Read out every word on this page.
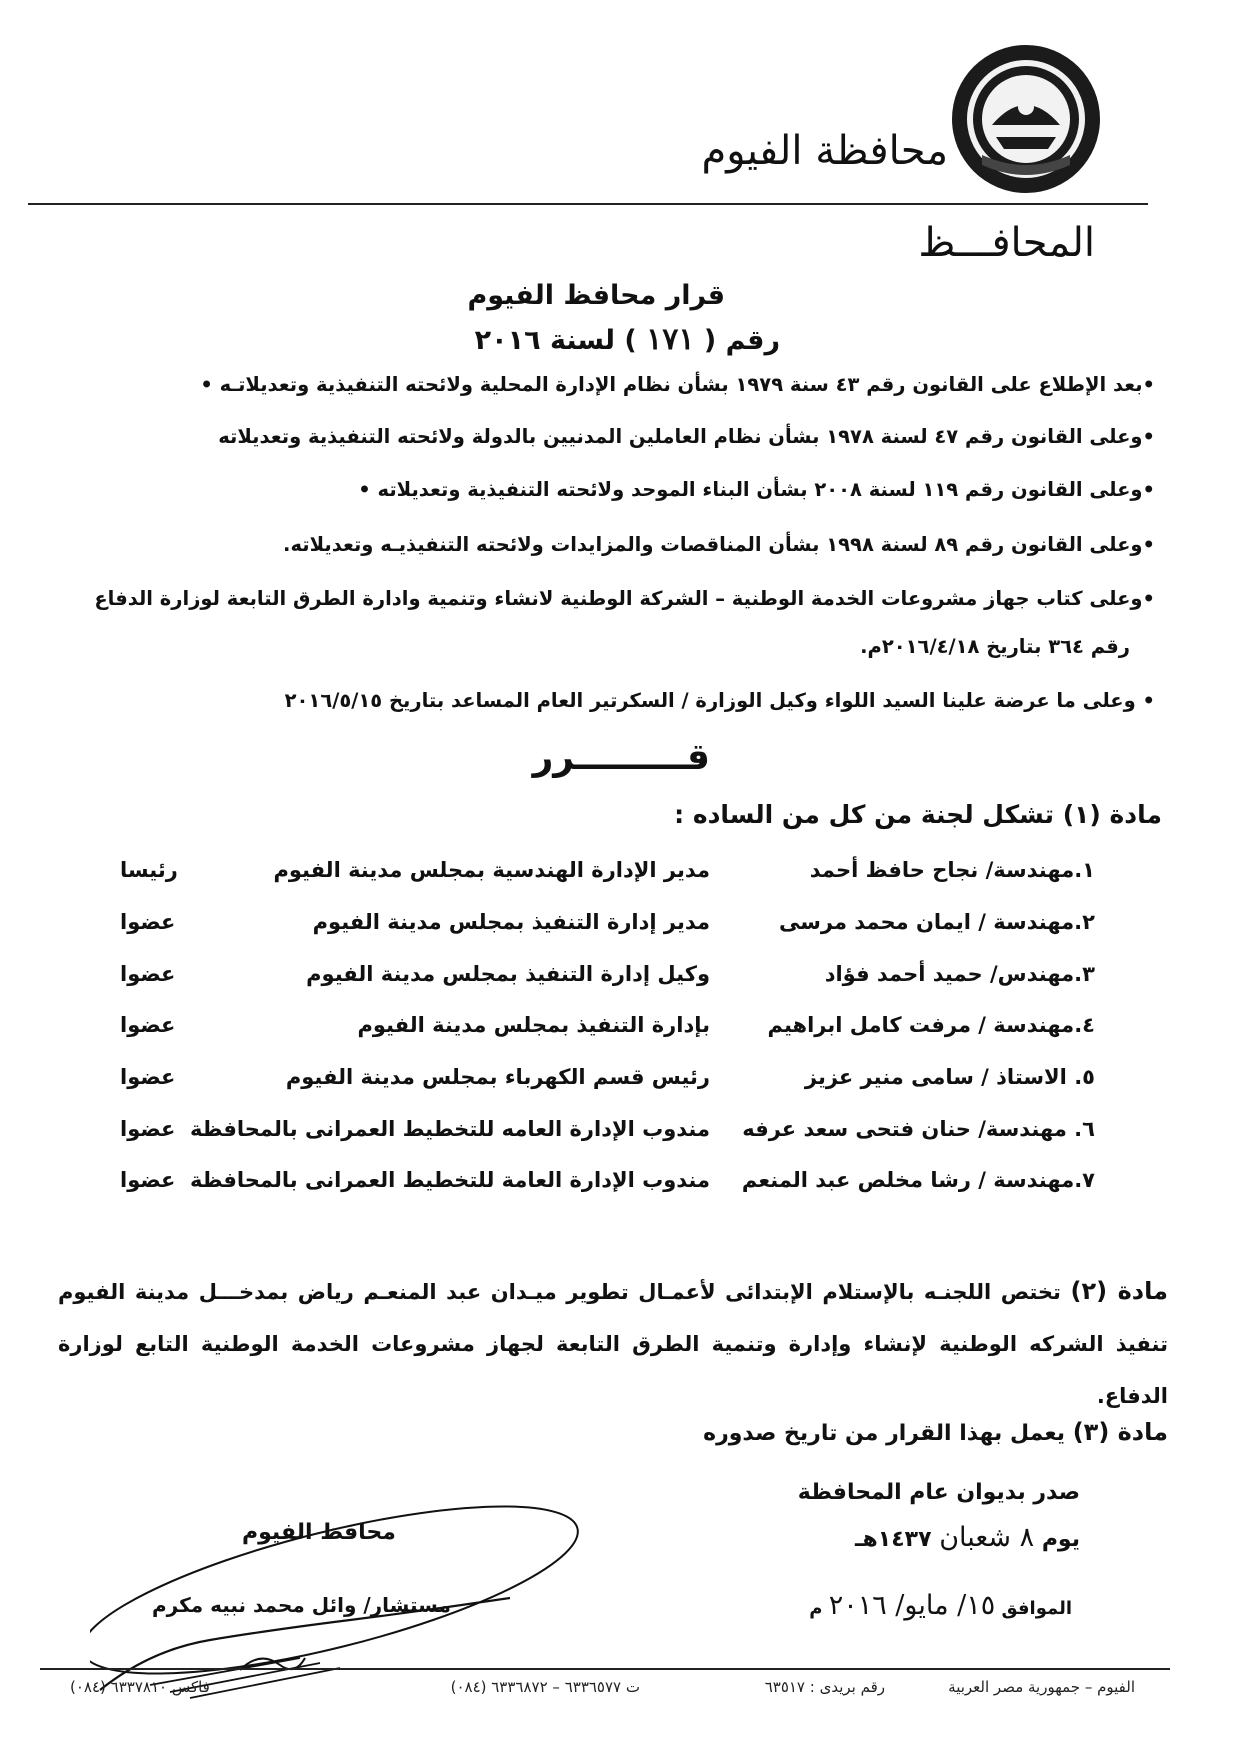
محافظة الفيوم
المحافـــظ
قرار محافظ الفيوم
رقم ( ١٧١ ) لسنة ٢٠١٦
•بعد الإطلاع على القانون رقم ٤٣ سنة ١٩٧٩ بشأن نظام الإدارة المحلية ولائحته التنفيذية وتعديلاتـه •
•وعلى القانون رقم ٤٧ لسنة ١٩٧٨ بشأن نظام العاملين المدنيين بالدولة ولائحته التنفيذية وتعديلاته
•وعلى القانون رقم ١١٩ لسنة ٢٠٠٨ بشأن البناء الموحد ولائحته التنفيذية وتعديلاته •
•وعلى القانون رقم ٨٩ لسنة ١٩٩٨ بشأن المناقصات والمزايدات ولائحته التنفيذيـه وتعديلاته.
•وعلى كتاب جهاز مشروعات الخدمة الوطنية – الشركة الوطنية لانشاء وتنمية وادارة الطرق التابعة لوزارة الدفاع
رقم ٣٦٤ بتاريخ ٢٠١٦/٤/١٨م.
• وعلى ما عرضة علينا السيد اللواء وكيل الوزارة / السكرتير العام المساعد بتاريخ ٢٠١٦/٥/١٥
قـــــــــرر
مادة (١) تشكل لجنة من كل من الساده :
١.مهندسة/ نجاح حافظ أحمد
مدير الإدارة الهندسية بمجلس مدينة الفيوم
رئيسا
٢.مهندسة / ايمان محمد مرسى
مدير إدارة التنفيذ بمجلس مدينة الفيوم
عضوا
٣.مهندس/ حميد أحمد فؤاد
وكيل إدارة التنفيذ بمجلس مدينة الفيوم
عضوا
٤.مهندسة / مرفت كامل ابراهيم
بإدارة التنفيذ بمجلس مدينة الفيوم
عضوا
٥. الاستاذ / سامى منير عزيز
رئيس قسم الكهرباء بمجلس مدينة الفيوم
عضوا
٦. مهندسة/ حنان فتحى سعد عرفه
مندوب الإدارة العامه للتخطيط العمرانى بالمحافظة
عضوا
٧.مهندسة / رشا مخلص عبد المنعم
مندوب الإدارة العامة للتخطيط العمرانى بالمحافظة
عضوا
مادة (٢) تختص اللجنـه بالإستلام الإبتدائى لأعمـال تطوير ميـدان عبد المنعـم رياض بمدخـــل مدينة الفيوم تنفيذ الشركه الوطنية لإنشاء وإدارة وتنمية الطرق التابعة لجهاز مشروعات الخدمة الوطنية التابع لوزارة الدفاع.
مادة (٣) يعمل بهذا القرار من تاريخ صدوره
صدر بديوان عام المحافظة
يوم ٨ شعبان ١٤٣٧هـ
الموافق ١٥/ مايو/ ٢٠١٦ م
محافظ الفيوم
مستشار/ وائل محمد نبيه مكرم
الفيوم – جمهورية مصر العربية
رقم بريدى : ٦٣٥١٧
ت ٦٣٣٦٥٧٧ – ٦٣٣٦٨٧٢ (٠٨٤)
فاكس ٦٣٣٧٨١٠ (٠٨٤)
